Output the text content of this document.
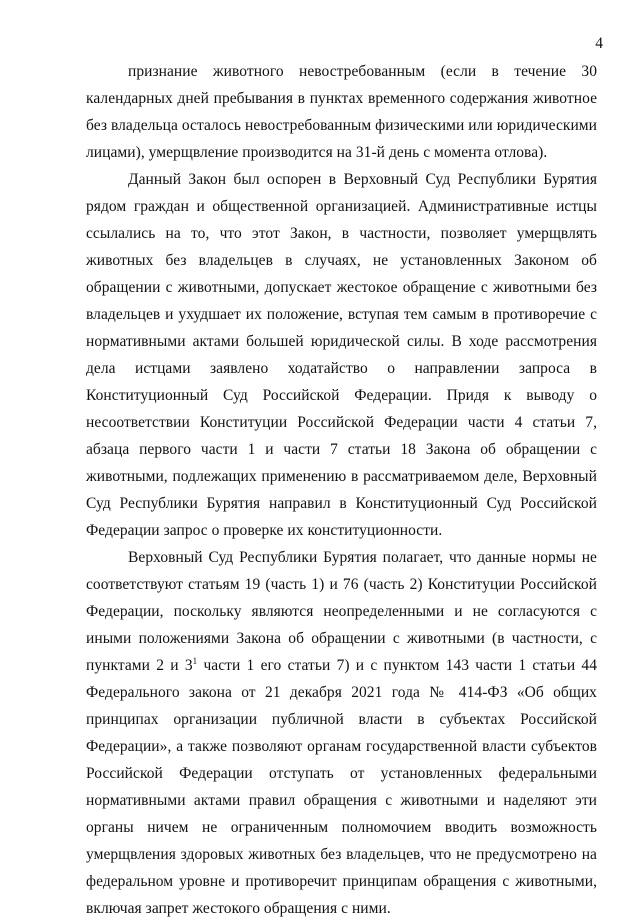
4

признание животного невостребованным (если в течение 30 календарных дней пребывания в пунктах временного содержания животное без владельца осталось невостребованным физическими или юридическими лицами), умерщвление производится на 31-й день с момента отлова).

Данный Закон был оспорен в Верховный Суд Республики Бурятия рядом граждан и общественной организацией. Административные истцы ссылались на то, что этот Закон, в частности, позволяет умерщвлять животных без владельцев в случаях, не установленных Законом об обращении с животными, допускает жестокое обращение с животными без владельцев и ухудшает их положение, вступая тем самым в противоречие с нормативными актами большей юридической силы. В ходе рассмотрения дела истцами заявлено ходатайство о направлении запроса в Конституционный Суд Российской Федерации. Придя к выводу о несоответствии Конституции Российской Федерации части 4 статьи 7, абзаца первого части 1 и части 7 статьи 18 Закона об обращении с животными, подлежащих применению в рассматриваемом деле, Верховный Суд Республики Бурятия направил в Конституционный Суд Российской Федерации запрос о проверке их конституционности.

Верховный Суд Республики Бурятия полагает, что данные нормы не соответствуют статьям 19 (часть 1) и 76 (часть 2) Конституции Российской Федерации, поскольку являются неопределенными и не согласуются с иными положениями Закона об обращении с животными (в частности, с пунктами 2 и $3^1$ части 1 его статьи 7) и с пунктом 143 части 1 статьи 44 Федерального закона от 21 декабря 2021 года № 414-ФЗ «Об общих принципах организации публичной власти в субъектах Российской Федерации», а также позволяют органам государственной власти субъектов Российской Федерации отступать от установленных федеральными нормативными актами правил обращения с животными и наделяют эти органы ничем не ограниченным полномочием вводить возможность умерщвления здоровых животных без владельцев, что не предусмотрено на федеральном уровне и противоречит принципам обращения с животными, включая запрет жестокого обращения с ними.
